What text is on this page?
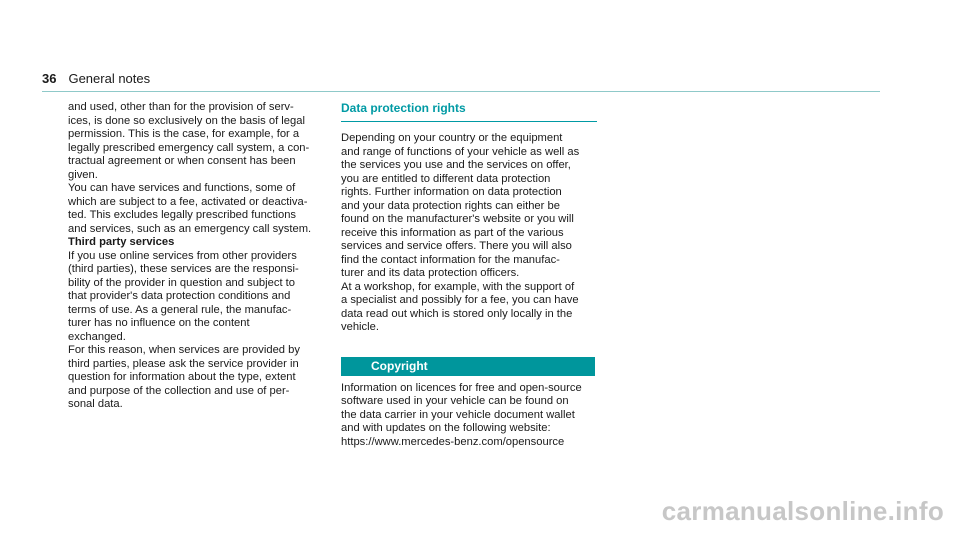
36 General notes

and used, other than for the provision of serv-
ices, is done so exclusively on the basis of legal
permission. This is the case, for example, for a
legally prescribed emergency call system, a con-
tractual agreement or when consent has been
given.

You can have services and functions, some of
which are subject to a fee, activated or deactiva-
ted. This excludes legally prescribed functions
and services, such as an emergency call system.

Third party services

If you use online services from other providers
(third parties), these services are the responsi-
bility of the provider in question and subject to
that provider's data protection conditions and
terms of use. As a general rule, the manufac-
turer has no influence on the content
exchanged.

For this reason, when services are provided by
third parties, please ask the service provider in
question for information about the type, extent
and purpose of the collection and use of per-
sonal data.

Data protection rights

Depending on your country or the equipment
and range of functions of your vehicle as well as
the services you use and the services on offer,
you are entitled to different data protection
rights. Further information on data protection
and your data protection rights can either be
found on the manufacturer's website or you will
receive this information as part of the various
services and service offers. There you will also
find the contact information for the manufac-
turer and its data protection officers.

At a workshop, for example, with the support of
a specialist and possibly for a fee, you can have
data read out which is stored only locally in the
vehicle.

Copyright

Information on licences for free and open-source
software used in your vehicle can be found on
the data carrier in your vehicle document wallet
and with updates on the following website:

https://www.mercedes-benz.com/opensource

carmanualsonline.info
